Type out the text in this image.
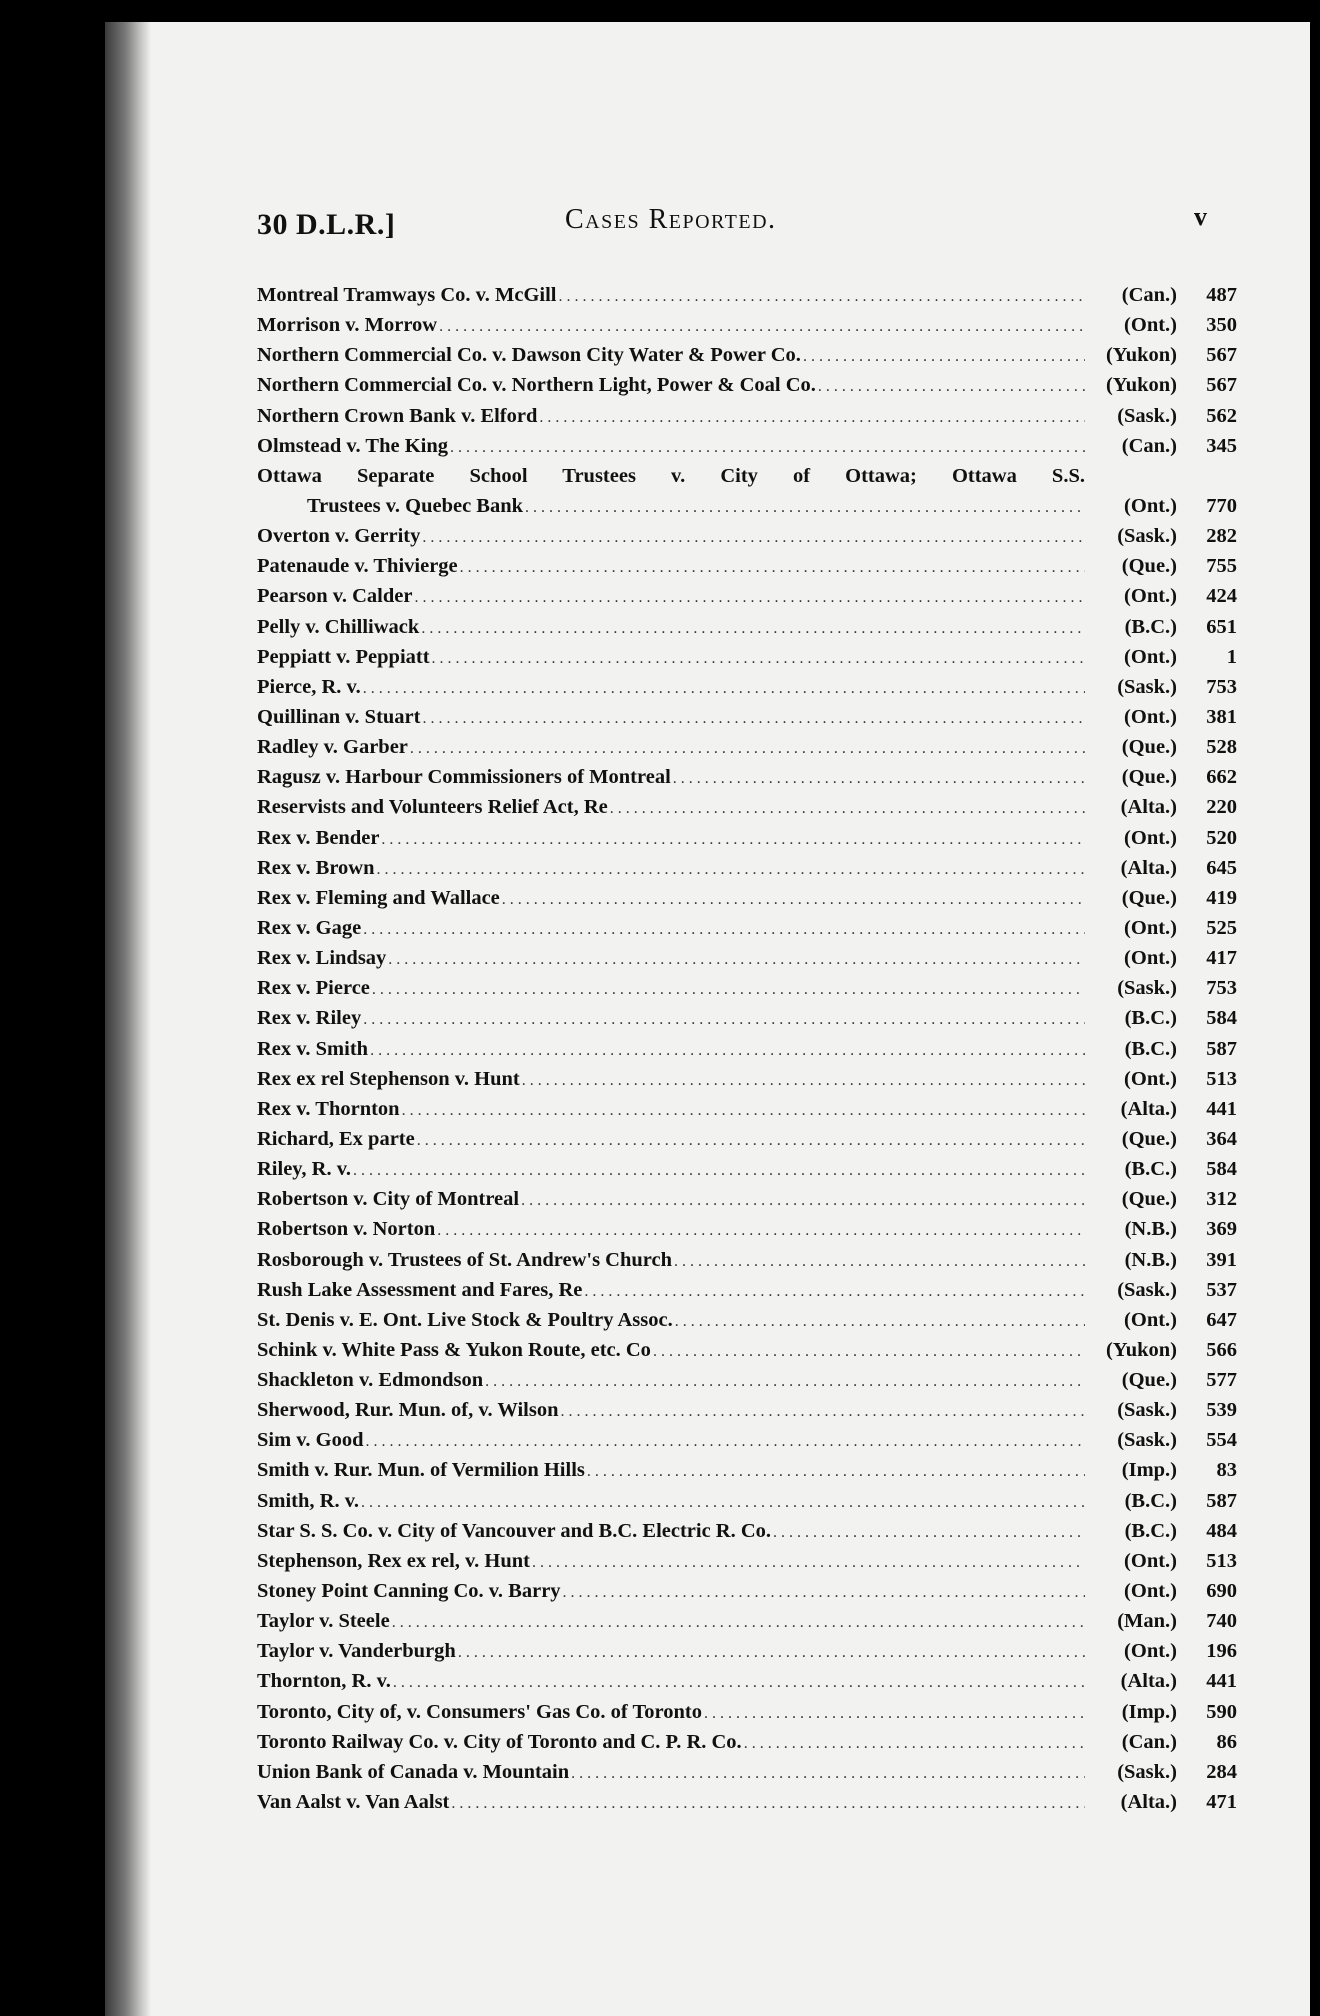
30 D.L.R.]	Cases Reported.	v
Montreal Tramways Co. v. McGill . . .	(Can.)	487
Morrison v. Morrow . . .	(Ont.)	350
Northern Commercial Co. v. Dawson City Water & Power Co. . . .	(Yukon)	567
Northern Commercial Co. v. Northern Light, Power & Coal Co. . . .	(Yukon)	567
Northern Crown Bank v. Elford . . .	(Sask.)	562
Olmstead v. The King . . .	(Can.)	345
Ottawa Separate School Trustees v. City of Ottawa; Ottawa S.S.
Trustees v. Quebec Bank . . .	(Ont.)	770
Overton v. Gerrity . . .	(Sask.)	282
Patenaude v. Thivierge . . .	(Que.)	755
Pearson v. Calder . . .	(Ont.)	424
Pelly v. Chilliwack . . .	(B.C.)	651
Peppiatt v. Peppiatt . . .	(Ont.)	1
Pierce, R. v. . . .	(Sask.)	753
Quillinan v. Stuart . . .	(Ont.)	381
Radley v. Garber . . .	(Que.)	528
Ragusz v. Harbour Commissioners of Montreal . . .	(Que.)	662
Reservists and Volunteers Relief Act, Re . . .	(Alta.)	220
Rex v. Bender . . .	(Ont.)	520
Rex v. Brown . . .	(Alta.)	645
Rex v. Fleming and Wallace . . .	(Que.)	419
Rex v. Gage . . .	(Ont.)	525
Rex v. Lindsay . . .	(Ont.)	417
Rex v. Pierce . . .	(Sask.)	753
Rex v. Riley . . .	(B.C.)	584
Rex v. Smith . . .	(B.C.)	587
Rex ex rel Stephenson v. Hunt . . .	(Ont.)	513
Rex v. Thornton . . .	(Alta.)	441
Richard, Ex parte . . .	(Que.)	364
Riley, R. v. . . .	(B.C.)	584
Robertson v. City of Montreal . . .	(Que.)	312
Robertson v. Norton . . .	(N.B.)	369
Rosborough v. Trustees of St. Andrew's Church . . .	(N.B.)	391
Rush Lake Assessment and Fares, Re . . .	(Sask.)	537
St. Denis v. E. Ont. Live Stock & Poultry Assoc. . . .	(Ont.)	647
Schink v. White Pass & Yukon Route, etc. Co . . .	(Yukon)	566
Shackleton v. Edmondson . . .	(Que.)	577
Sherwood, Rur. Mun. of, v. Wilson . . .	(Sask.)	539
Sim v. Good . . .	(Sask.)	554
Smith v. Rur. Mun. of Vermilion Hills . . .	(Imp.)	83
Smith, R. v. . . .	(B.C.)	587
Star S. S. Co. v. City of Vancouver and B.C. Electric R. Co. . . .	(B.C.)	484
Stephenson, Rex ex rel, v. Hunt . . .	(Ont.)	513
Stoney Point Canning Co. v. Barry . . .	(Ont.)	690
Taylor v. Steele . . .	(Man.)	740
Taylor v. Vanderburgh . . .	(Ont.)	196
Thornton, R. v. . . .	(Alta.)	441
Toronto, City of, v. Consumers' Gas Co. of Toronto . . .	(Imp.)	590
Toronto Railway Co. v. City of Toronto and C. P. R. Co. . . .	(Can.)	86
Union Bank of Canada v. Mountain . . .	(Sask.)	284
Van Aalst v. Van Aalst . . .	(Alta.)	471
